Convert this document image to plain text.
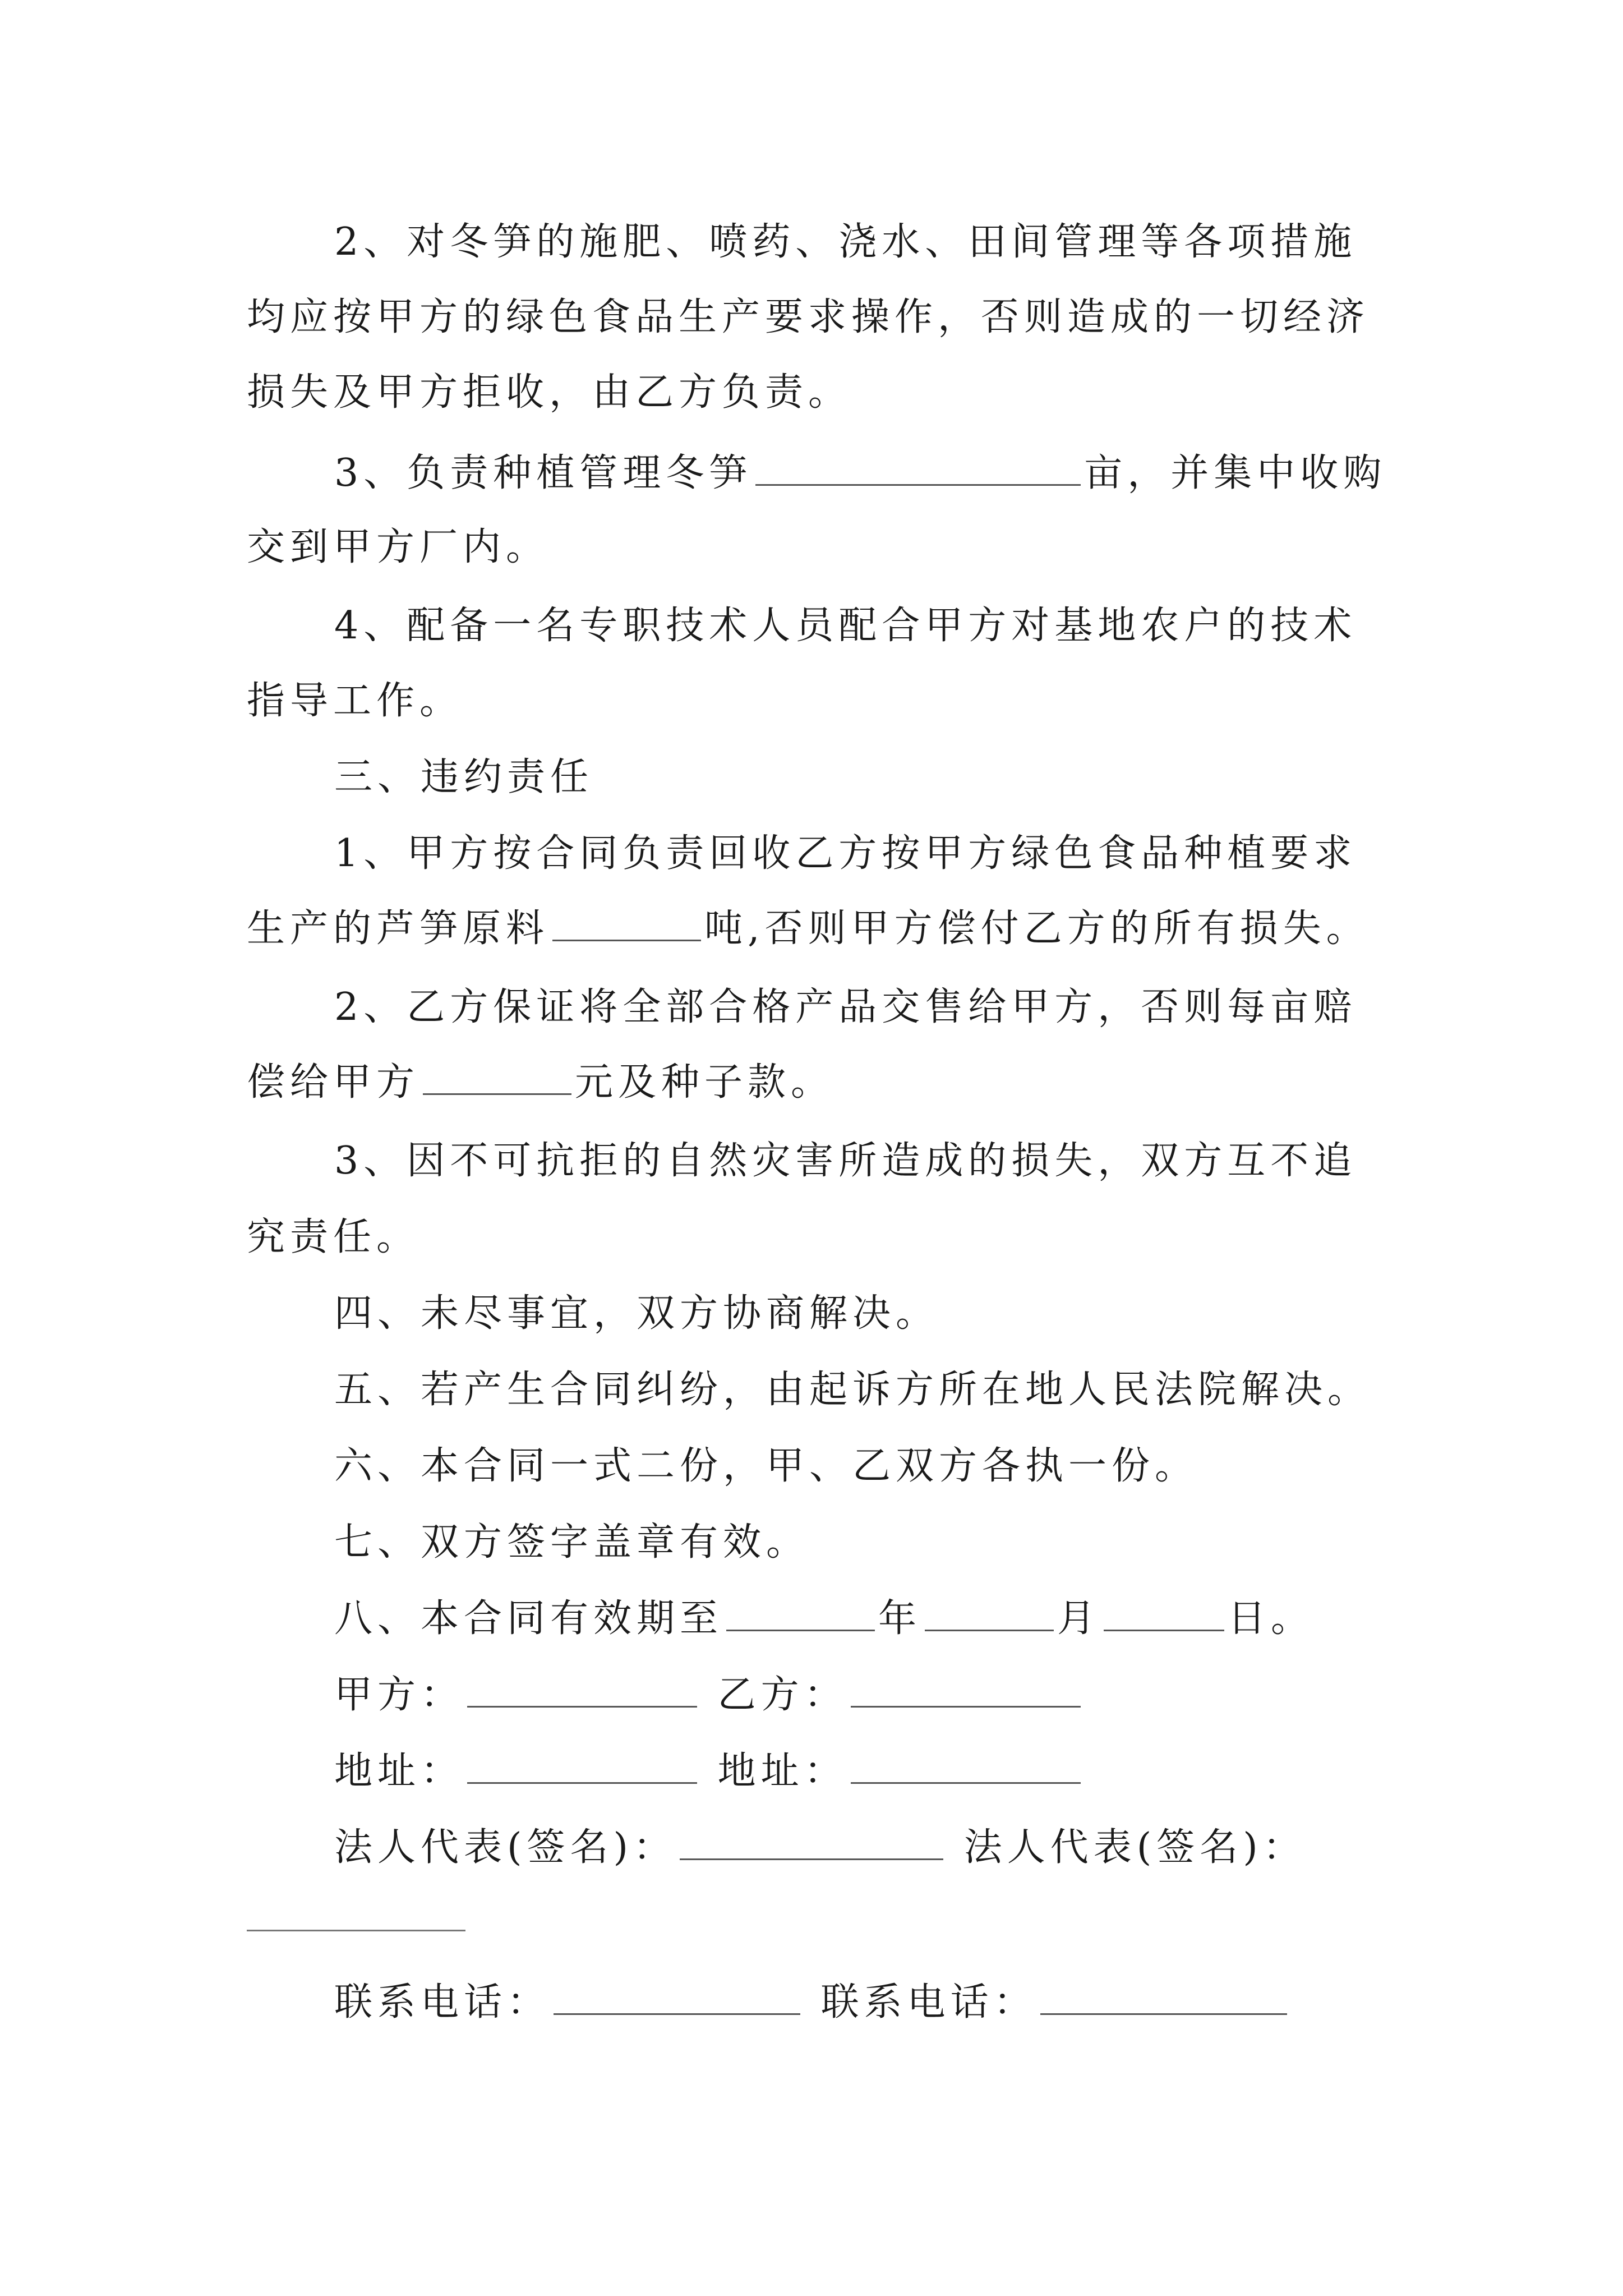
2、对冬笋的施肥、喷药、浇水、田间管理等各项措施
均应按甲方的绿色食品生产要求操作，否则造成的一切经济
损失及甲方拒收，由乙方负责。
3、负责种植管理冬笋	亩，并集中收购
交到甲方厂内。
4、配备一名专职技术人员配合甲方对基地农户的技术
指导工作。
三、违约责任
1、甲方按合同负责回收乙方按甲方绿色食品种植要求
生产的芦笋原料	吨,否则甲方偿付乙方的所有损失。
2、乙方保证将全部合格产品交售给甲方，否则每亩赔
偿给甲方	元及种子款。
3、因不可抗拒的自然灾害所造成的损失，双方互不追
究责任。
四、未尽事宜，双方协商解决。
五、若产生合同纠纷，由起诉方所在地人民法院解决。
六、本合同一式二份，甲、乙双方各执一份。
七、双方签字盖章有效。
八、本合同有效期至	年	月	日。
甲方：	乙方：
地址：	地址：
法人代表(签名)：	法人代表(签名)：
联系电话：	联系电话：
